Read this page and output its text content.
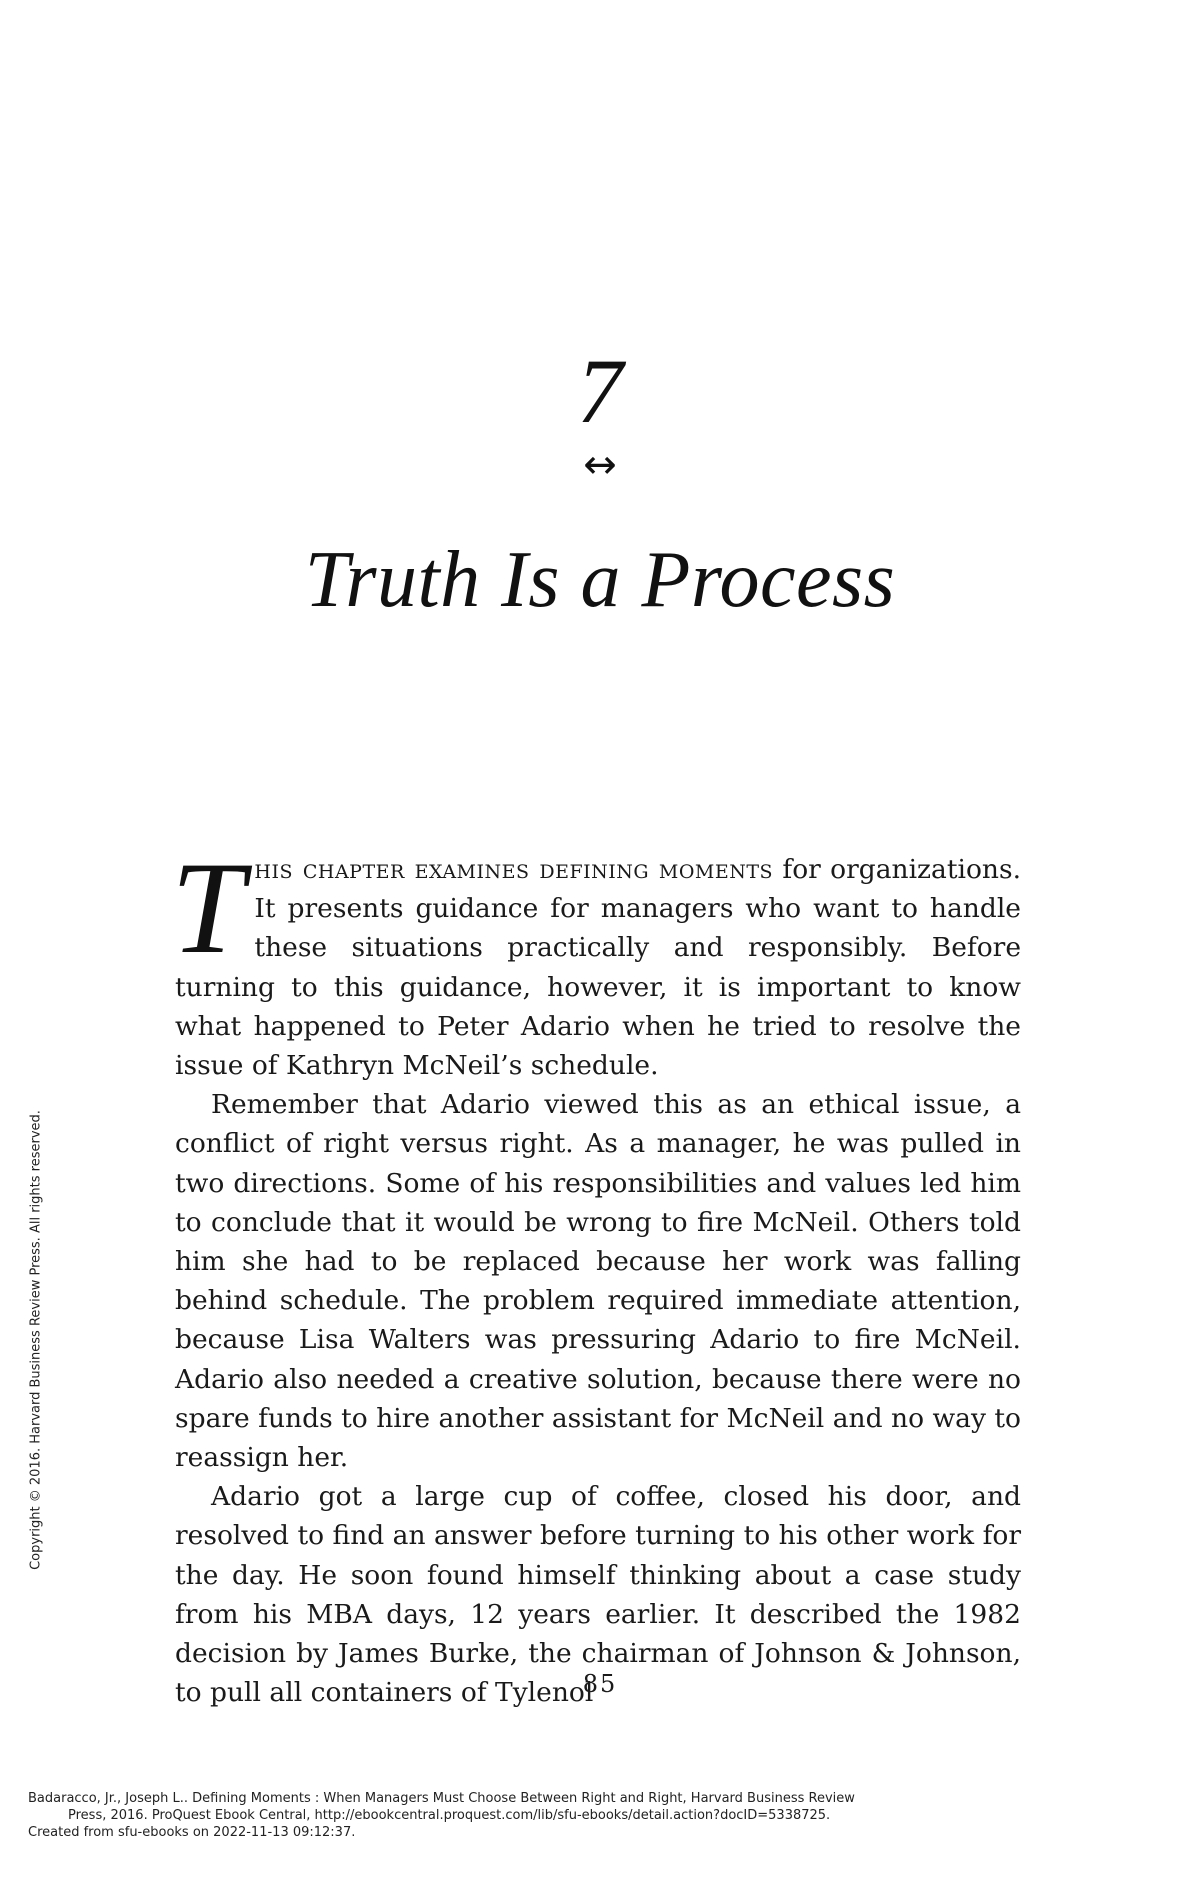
7
↔
Truth Is a Process

This chapter examines defining moments for organizations. It presents guidance for managers who want to handle these situations practically and responsibly. Before turning to this guidance, however, it is important to know what happened to Peter Adario when he tried to resolve the issue of Kathryn McNeil’s schedule.

Remember that Adario viewed this as an ethical issue, a conflict of right versus right. As a manager, he was pulled in two directions. Some of his responsibilities and values led him to conclude that it would be wrong to fire McNeil. Others told him she had to be replaced because her work was falling behind schedule. The problem required immediate attention, because Lisa Walters was pressuring Adario to fire McNeil. Adario also needed a creative solution, because there were no spare funds to hire another assistant for McNeil and no way to reassign her.

Adario got a large cup of coffee, closed his door, and resolved to find an answer before turning to his other work for the day. He soon found himself thinking about a case study from his MBA days, 12 years earlier. It described the 1982 decision by James Burke, the chairman of Johnson & Johnson, to pull all containers of Tylenol

85
Copyright © 2016. Harvard Business Review Press. All rights reserved.
Badaracco, Jr., Joseph L.. Defining Moments : When Managers Must Choose Between Right and Right, Harvard Business Review
Press, 2016. ProQuest Ebook Central, http://ebookcentral.proquest.com/lib/sfu-ebooks/detail.action?docID=5338725.
Created from sfu-ebooks on 2022-11-13 09:12:37.
